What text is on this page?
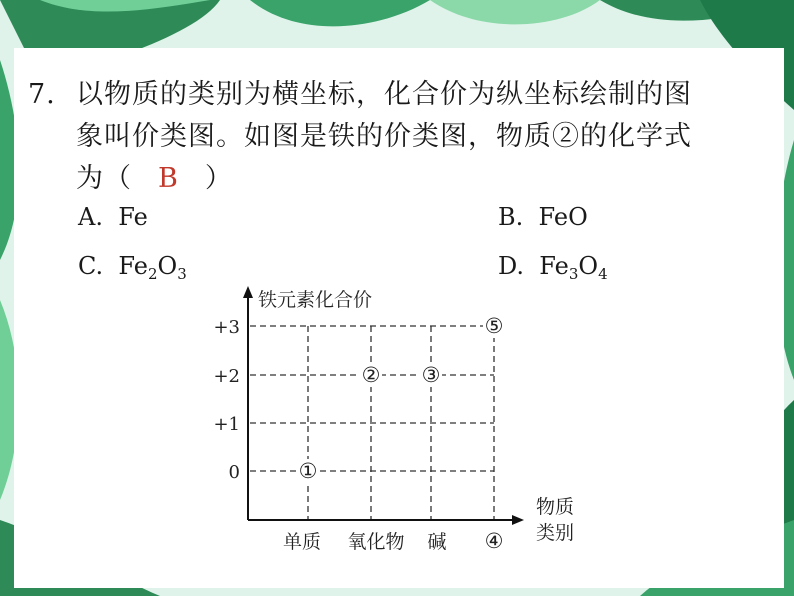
7. 以物质的类别为横坐标，化合价为纵坐标绘制的图
象叫价类图。如图是铁的价类图，物质②的化学式
为（ B ）
A. Fe	B. FeO
C. $Fe_2O_3$	D. $Fe_3O_4$
铁元素化合价
物质
类别
+3
+2
+1
0
单质 氧化物 碱 ④
①
② ③
⑤
